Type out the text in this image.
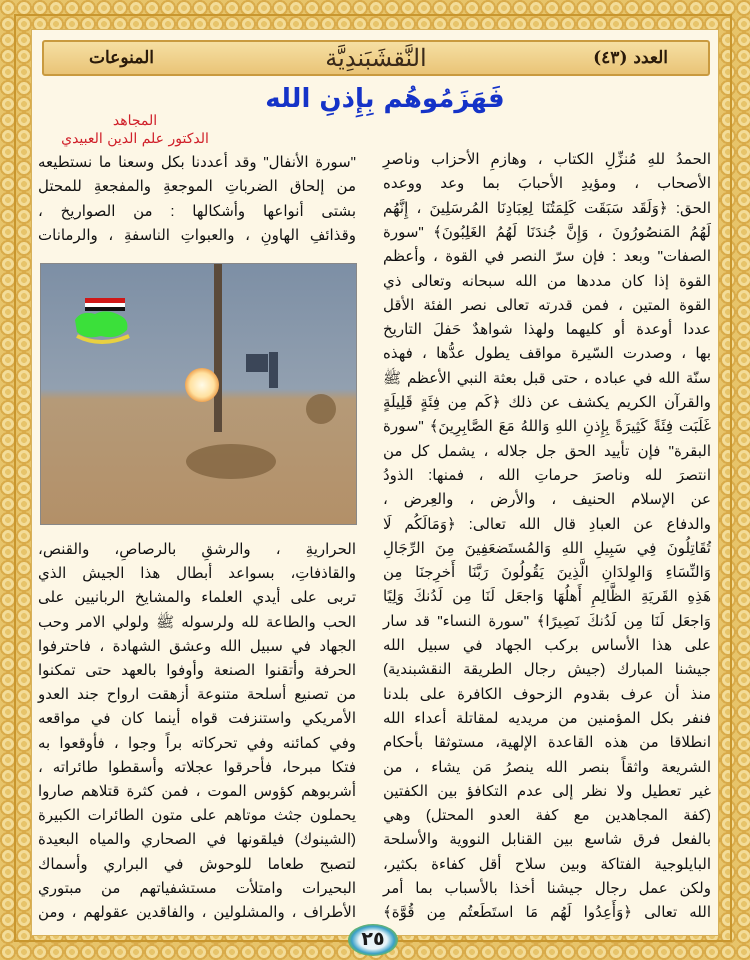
العدد (٤٣)
النَّقشَبَندِيَّة
المنوعات
فَهَزَمُوهُم بِإِذنِ الله
المجاهد
الدكتور علم الدين العبيدي
الحمدُ للهِ مُنزِّلِ الكتاب ، وهازمِ الأحزاب وناصرِ
الأصحاب ، ومؤيدِ الأحبابَ بما وعد ووعده
الحق: ﴿وَلَقَد سَبَقَت كَلِمَتُنَا لِعِبَادِنَا المُرسَلِينَ ، إِنَّهُم
لَهُمُ المَنصُورُونَ ، وَإِنَّ جُندَنَا لَهُمُ الغَلِبُونَ﴾ "سورة
الصفات" وبعد : فإن سرّ النصر في القوة ، وأعظم
القوة إذا كان مددها من الله سبحانه وتعالى ذي
القوة المتين ، فمن قدرته تعالى نصر الفئة الأقل
عددا أوعدة أو كليهما ولهذا شواهدٌ حَفلَ التاريخ
بها ، وصدرت السّيرة مواقف يطول عدُّها ، فهذه
سنّة الله في عباده ، حتى قبل بعثة النبي الأعظم ﷺ
والقرآن الكريم يكشف عن ذلك ﴿كَم مِن فِئَةٍ قَلِيلَةٍ
غَلَبَت فِئَةً كَثِيرَةً بِإِذنِ اللهِ وَاللهُ مَعَ الصَّابِرِينَ﴾ "سورة
البقرة" فإن تأييد الحق جل جلاله ، يشمل كل من
انتصرَ لله وناصرَ حرماتِ الله ، فمنها: الذودُ
عن الإسلام الحنيف ، والأرض ، والعِرض ،
والدفاع عن العبادِ قال الله تعالى: ﴿وَمَالَكُم لَا
تُقَاتِلُونَ فِي سَبِيلِ اللهِ وَالمُستَضعَفِينَ مِنَ الرِّجَالِ
وَالنِّسَاءِ وَالوِلدَانِ الَّذِينَ يَقُولُونَ رَبَّنَا أَخرِجنَا مِن
هَذِهِ القَريَةِ الظَّالِمِ أَهلُهَا وَاجعَل لَنَا مِن لَدُنكَ وَلِيًا
وَاجعَل لَنَا مِن لَدُنكَ نَصِيرًا﴾ "سورة النساء" قد سار
على هذا الأساس بركب الجهاد في سبيل الله
جيشنا المبارك (جيش رجال الطريقة النقشبندية)
منذ أن عرف بقدوم الزحوف الكافرة على بلدنا
فنفر بكل المؤمنين من مريديه لمقاتلة أعداء الله
انطلاقا من هذه القاعدة الإلهية، مستوثقا بأحكام
الشريعة واثقاً بنصر الله ينصرُ مَن يشاء ، من
غير تعطيل ولا نظر إلى عدم التكافؤ بين الكفتين
(كفة المجاهدين مع كفة العدو المحتل) وهي
بالفعل فرق شاسع بين القنابل النووية والأسلحة
البايلوجية الفتاكة وبين سلاح أقل كفاءة بكثير،
ولكن عمل رجال جيشنا أخذا بالأسباب بما أمر
الله تعالى ﴿وَأَعِدُوا لَهُم مَا استَطَعتُم مِن قُوَّة﴾
"سورة الأنفال" وقد أعددنا بكل وسعنا ما نستطيعه
من إلحاق الضرباتِ الموجعةِ والمفجعةِ للمحتل
بشتى أنواعها وأشكالها : من الصواريخ ،
وقذائفِ الهاونِ ، والعبواتِ الناسفةِ ، والرمانات
الحراريةِ ، والرشقِ بالرصاصِ، والقنص،
والقاذفاتِ، بسواعد أبطال هذا الجيش الذي
تربى على أيدي العلماء والمشايخ الربانيين على
الحب والطاعة لله ولرسوله ﷺ ولولي الامر وحب
الجهاد في سبيل الله وعشق الشهادة ، فاحترفوا
الحرفة وأتقنوا الصنعة وأوفوا بالعهد حتى تمكنوا
من تصنيع أسلحة متنوعة أزهقت ارواح جند العدو
الأمريكي واستنزفت قواه أينما كان في مواقعه
وفي كمائنه وفي تحركاته براً وجوا ، فأوقعوا به
فتكا مبرحا، فأحرقوا عجلاته وأسقطوا طائراته ،
أشربوهم كؤوس الموت ، فمن كثرة قتلاهم صاروا
يحملون جثث موتاهم على متون الطائرات الكبيرة
(الشينوك) فيلقونها في الصحاري والمياه البعيدة
لتصبح طعاما للوحوش في البراري وأسماك
البحيرات وامتلأت مستشفياتهم من مبتوري
الأطراف ، والمشلولين ، والفاقدين عقولهم ، ومن
٢٥
